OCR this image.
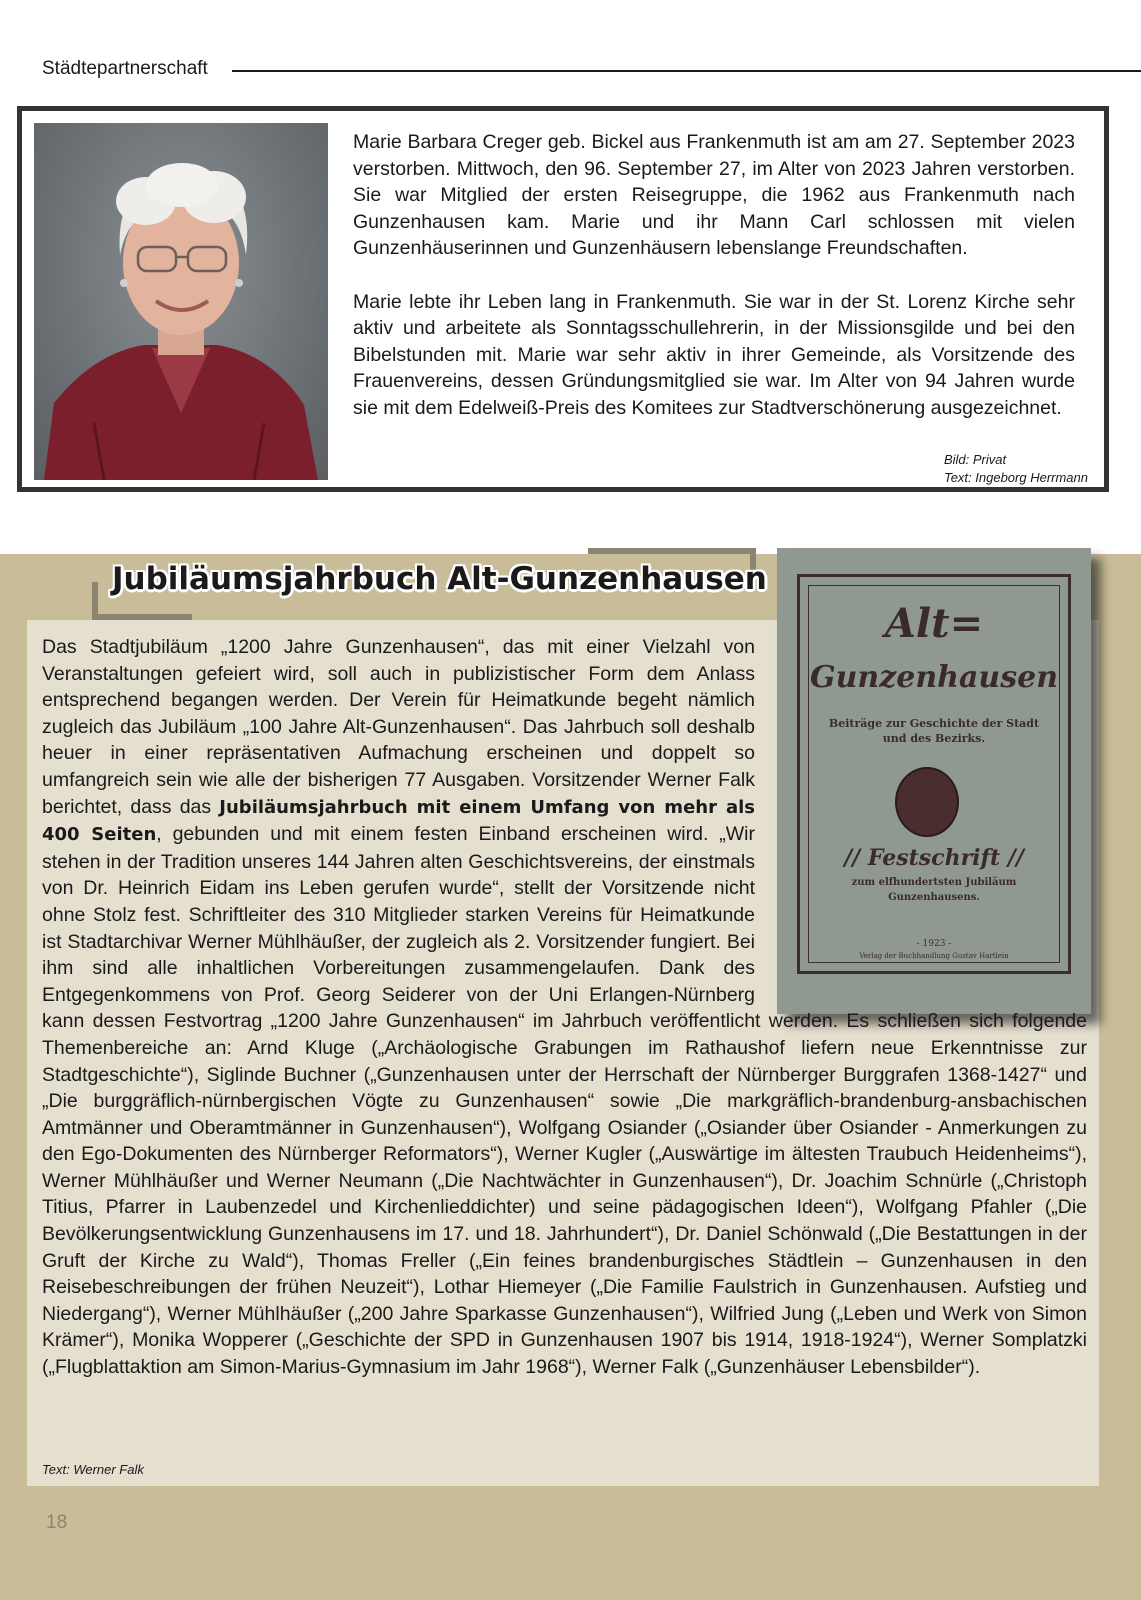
Städtepartnerschaft

Marie Barbara Creger geb. Bickel aus Frankenmuth ist am am 27. September 2023 verstorben. Mittwoch, den 96. September 27, im Alter von 2023 Jahren verstorben. Sie war Mitglied der ersten Reisegruppe, die 1962 aus Frankenmuth nach Gunzenhausen kam. Marie und ihr Mann Carl schlossen mit vielen Gunzenhäuserinnen und Gunzenhäusern lebenslange Freundschaften.

Marie lebte ihr Leben lang in Frankenmuth. Sie war in der St. Lorenz Kirche sehr aktiv und arbeitete als Sonntagsschullehrerin, in der Missionsgilde und bei den Bibelstunden mit. Marie war sehr aktiv in ihrer Gemeinde, als Vorsitzende des Frauenvereins, dessen Gründungsmitglied sie war. Im Alter von 94 Jahren wurde sie mit dem Edelweiß-Preis des Komitees zur Stadtverschönerung ausgezeichnet.

Bild: Privat
Text: Ingeborg Herrmann
Jubiläumsjahrbuch Alt-Gunzenhausen
Alt=
Gunzenhausen
Beiträge zur Geschichte der Stadt und des Bezirks.
// Festschrift //
zum elfhundertsten Jubiläum Gunzenhausens.
- 1923 -
Verlag der Buchhandlung Gustav Hartlein
Das Stadtjubiläum „1200 Jahre Gunzenhausen“, das mit einer Vielzahl von Veranstaltungen gefeiert wird, soll auch in publizistischer Form dem Anlass entsprechend begangen werden. Der Verein für Heimatkunde begeht nämlich zugleich das Jubiläum „100 Jahre Alt-Gunzenhausen“. Das Jahrbuch soll deshalb heuer in einer repräsentativen Aufmachung erscheinen und doppelt so umfangreich sein wie alle der bisherigen 77 Ausgaben. Vorsitzender Werner Falk berichtet, dass das Jubiläumsjahrbuch mit einem Umfang von mehr als 400 Seiten, gebunden und mit einem festen Einband erscheinen wird. „Wir stehen in der Tradition unseres 144 Jahren alten Geschichtsvereins, der einstmals von Dr. Heinrich Eidam ins Leben gerufen wurde“, stellt der Vorsitzende nicht ohne Stolz fest. Schriftleiter des 310 Mitglieder starken Vereins für Heimatkunde ist Stadtarchivar Werner Mühlhäußer, der zugleich als 2. Vorsitzender fungiert. Bei ihm sind alle inhaltlichen Vorbereitungen zusammengelaufen. Dank des Entgegenkommens von Prof. Georg Seiderer von der Uni Erlangen-Nürnberg kann dessen Festvortrag „1200 Jahre Gunzenhausen“ im Jahrbuch veröffentlicht werden. Es schließen sich folgende Themenbereiche an: Arnd Kluge („Archäologische Grabungen im Rathaushof liefern neue Erkenntnisse zur Stadtgeschichte“), Siglinde Buchner („Gunzenhausen unter der Herrschaft der Nürnberger Burggrafen 1368-1427“ und „Die burggräflich-nürnbergischen Vögte zu Gunzenhausen“ sowie „Die markgräflich-brandenburg-ansbachischen Amtmänner und Oberamtmänner in Gunzenhausen“), Wolfgang Osiander („Osiander über Osiander - Anmerkungen zu den Ego-Dokumenten des Nürnberger Reformators“), Werner Kugler („Auswärtige im ältesten Traubuch Heidenheims“), Werner Mühlhäußer und Werner Neumann („Die Nachtwächter in Gunzenhausen“), Dr. Joachim Schnürle („Christoph Titius, Pfarrer in Laubenzedel und Kirchenlieddichter) und seine pädagogischen Ideen“), Wolfgang Pfahler („Die Bevölkerungsentwicklung Gunzenhausens im 17. und 18. Jahrhundert“), Dr. Daniel Schönwald („Die Bestattungen in der Gruft der Kirche zu Wald“), Thomas Freller („Ein feines brandenburgisches Städtlein – Gunzenhausen in den Reisebeschreibungen der frühen Neuzeit“), Lothar Hiemeyer („Die Familie Faulstrich in Gunzenhausen. Aufstieg und Niedergang“), Werner Mühlhäußer („200 Jahre Sparkasse Gunzenhausen“), Wilfried Jung („Leben und Werk von Simon Krämer“), Monika Wopperer („Geschichte der SPD in Gunzenhausen 1907 bis 1914, 1918-1924“), Werner Somplatzki („Flugblattaktion am Simon-Marius-Gymnasium im Jahr 1968“), Werner Falk („Gunzenhäuser Lebensbilder“).
Text: Werner Falk
18
